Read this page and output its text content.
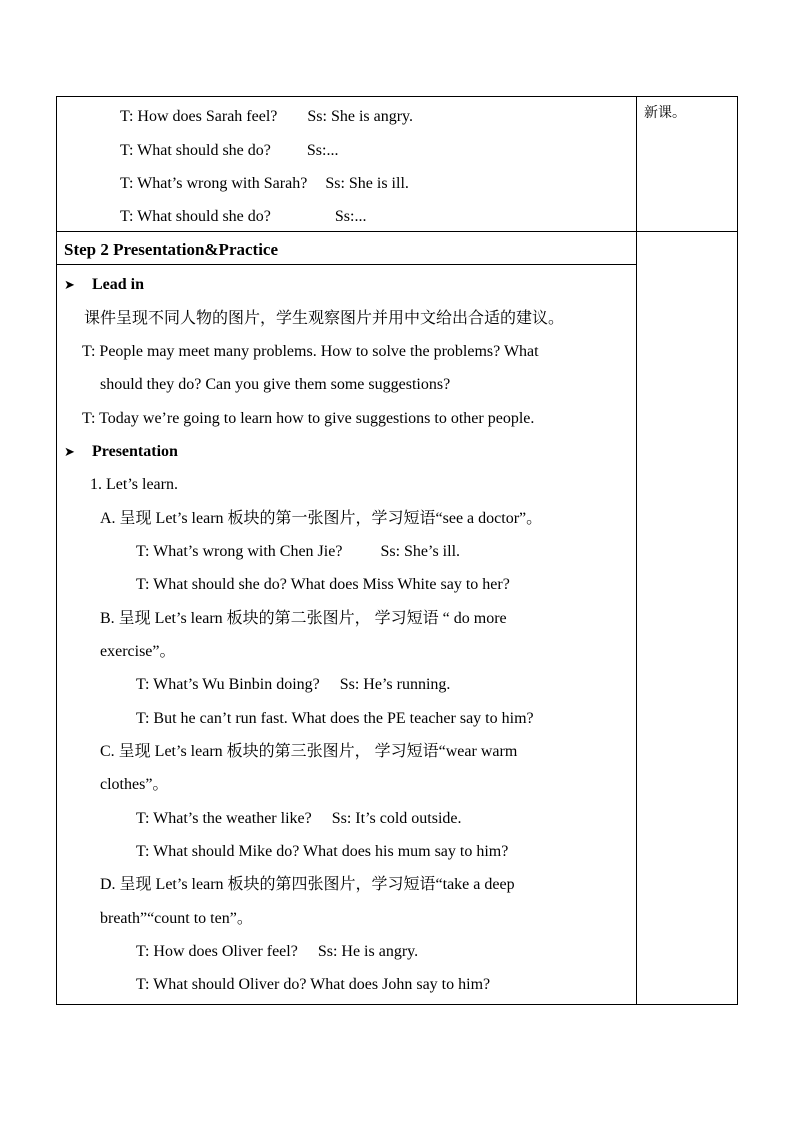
T: How does Sarah feel? Ss: She is angry.
T: What should she do? Ss:...
T: What’s wrong with Sarah? Ss: She is ill.
T: What should she do?	Ss:...
新课。
Step 2 Presentation&Practice
➤ Lead in
课件呈现不同人物的图片，学生观察图片并用中文给出合适的建议。
T: People may meet many problems. How to solve the problems? What
should they do? Can you give them some suggestions?
T: Today we’re going to learn how to give suggestions to other people.
➤ Presentation
1. Let’s learn.
A. 呈现 Let’s learn 板块的第一张图片，学习短语“see a doctor”。
T: What’s wrong with Chen Jie? Ss: She’s ill.
T: What should she do? What does Miss White say to her?
B. 呈现 Let’s learn 板块的第二张图片， 学习短语 “ do more
exercise”。
T: What’s Wu Binbin doing? Ss: He’s running.
T: But he can’t run fast. What does the PE teacher say to him?
C. 呈现 Let’s learn 板块的第三张图片， 学习短语“wear warm
clothes”。
T: What’s the weather like? Ss: It’s cold outside.
T: What should Mike do? What does his mum say to him?
D. 呈现 Let’s learn 板块的第四张图片，学习短语“take a deep
breath”“count to ten”。
T: How does Oliver feel? Ss: He is angry.
T: What should Oliver do? What does John say to him?
